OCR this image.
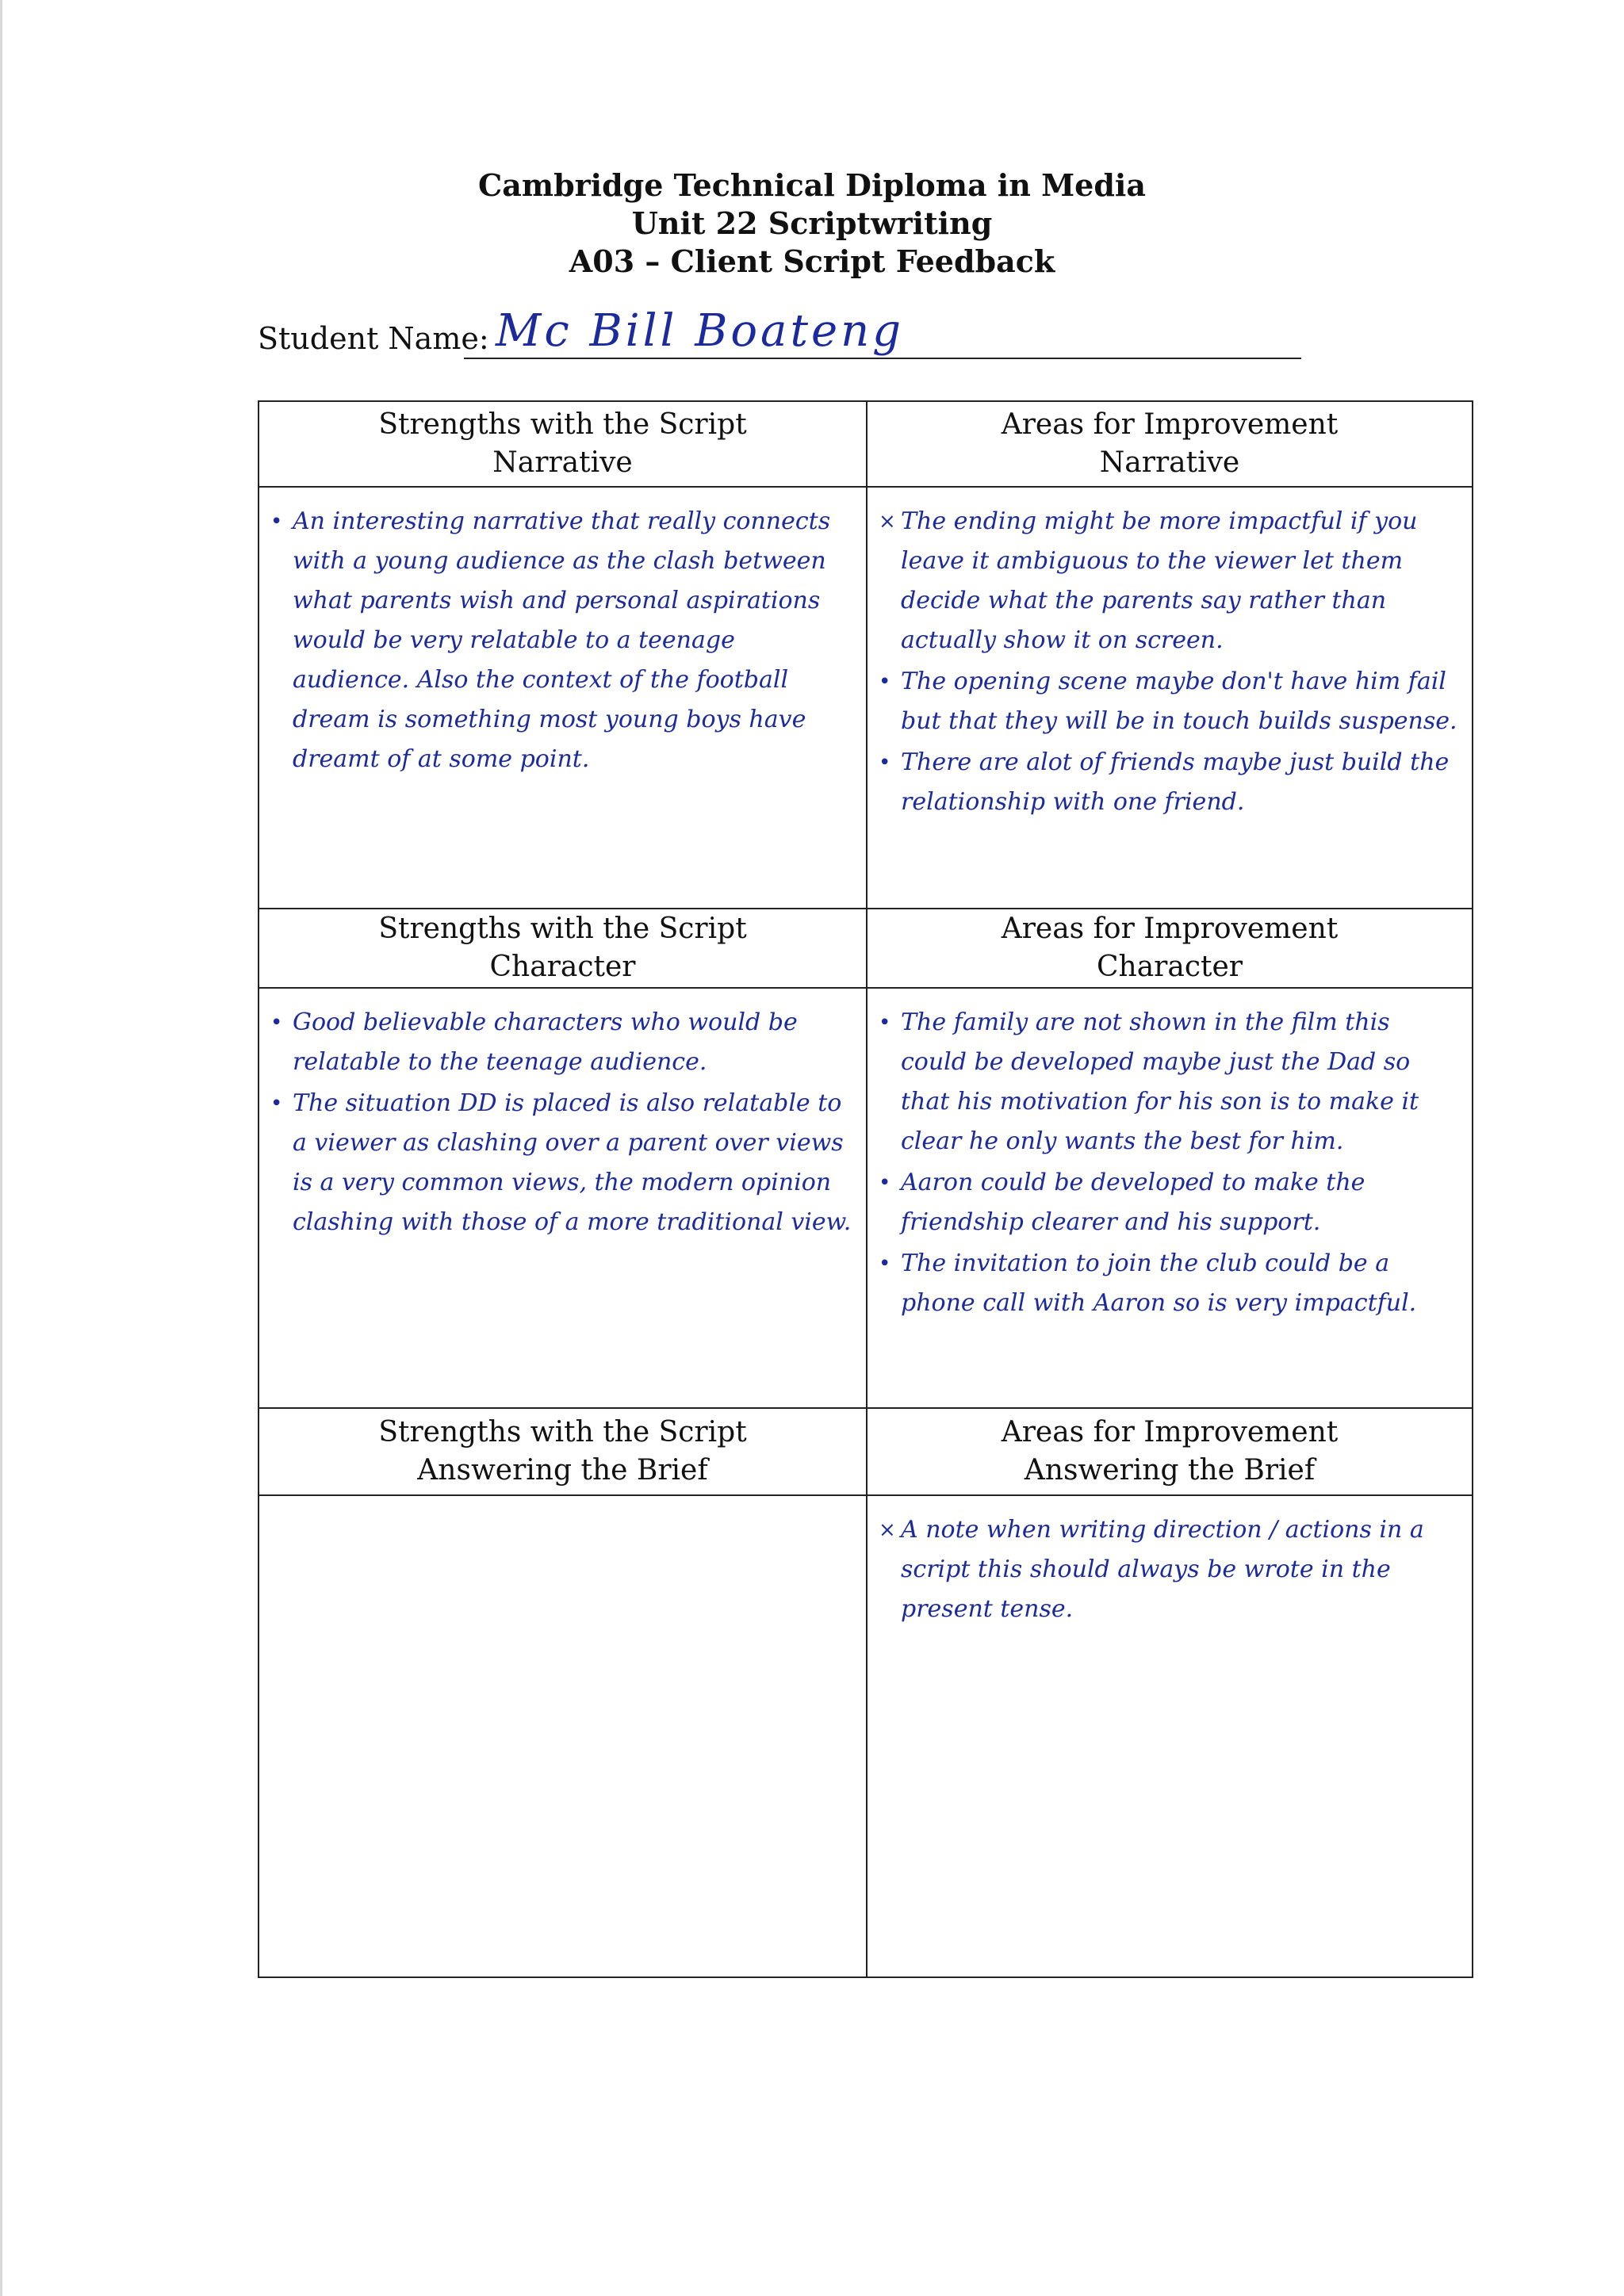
Cambridge Technical Diploma in Media
Unit 22 Scriptwriting
A03 – Client Script Feedback
Student Name: Mc Bill Boateng
Strengths with the Script
Narrative
Areas for Improvement
Narrative
• An interesting narrative that really connects with a young audience as the clash between what parents wish and personal aspirations would be very relatable to a teenage audience. Also the context of the football dream is something most young boys have dreamt of at some point.
× The ending might be more impactful if you leave it ambiguous to the viewer let them decide what the parents say rather than actually show it on screen.
• The opening scene maybe don't have him fail but that they will be in touch builds suspense.
• There are alot of friends maybe just build the relationship with one friend.
Strengths with the Script
Character
Areas for Improvement
Character
• Good believable characters who would be relatable to the teenage audience.
• The situation DD is placed is also relatable to a viewer as clashing over a parent over views is a very common views, the modern opinion clashing with those of a more traditional view.
• The family are not shown in the film this could be developed maybe just the Dad so that his motivation for his son is to make it clear he only wants the best for him.
• Aaron could be developed to make the friendship clearer and his support.
• The invitation to join the club could be a phone call with Aaron so is very impactful.
Strengths with the Script
Answering the Brief
Areas for Improvement
Answering the Brief
× A note when writing direction / actions in a script this should always be wrote in the present tense.
